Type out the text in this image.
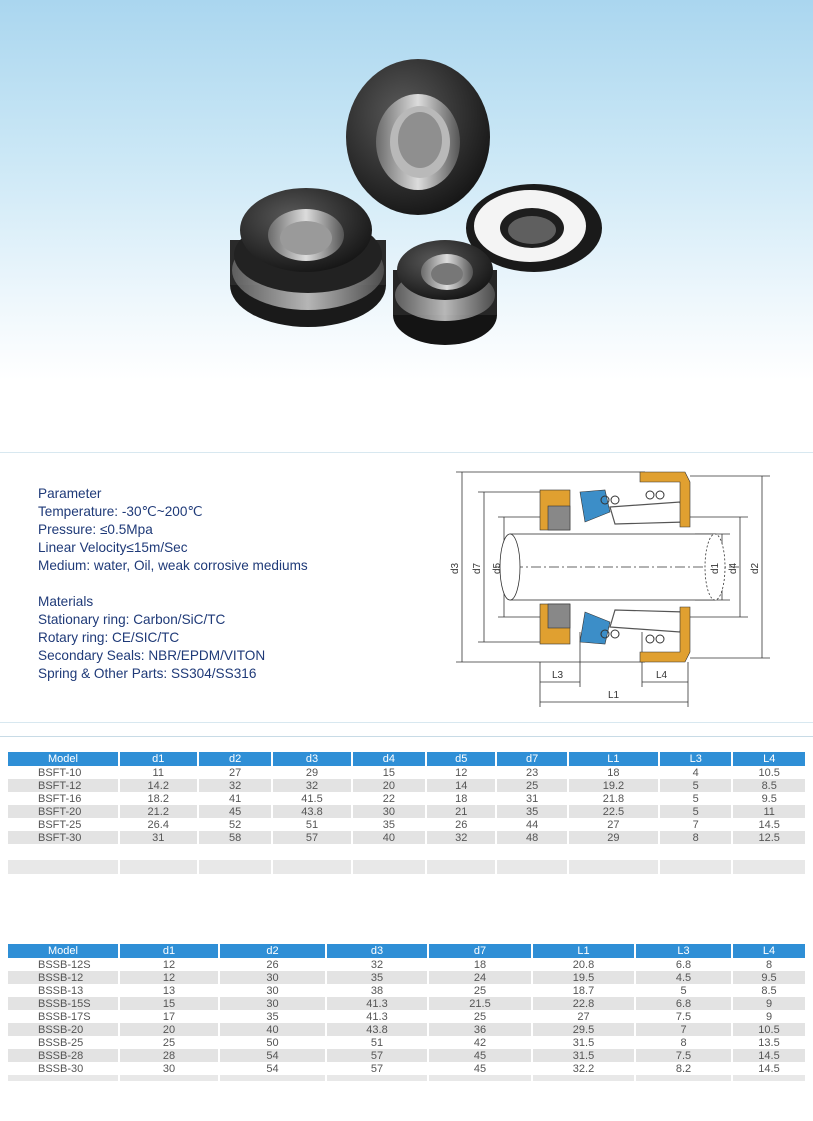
Parameter
Temperature: -30℃~200℃
Pressure: ≤0.5Mpa
Linear Velocity≤15m/Sec
Medium: water, Oil, weak corrosive mediums
Materials
Stationary ring: Carbon/SiC/TC
Rotary ring: CE/SIC/TC
Secondary Seals: NBR/EPDM/VITON
Spring & Other Parts: SS304/SS316
d3 d7 d5	d1 d4 d2
L3	L4
L1
Model	d1	d2	d3	d4	d5	d7	L1	L3	L4
BSFT-10	11	27	29	15	12	23	18	4	10.5
BSFT-12	14.2	32	32	20	14	25	19.2	5	8.5
BSFT-16	18.2	41	41.5	22	18	31	21.8	5	9.5
BSFT-20	21.2	45	43.8	30	21	35	22.5	5	11
BSFT-25	26.4	52	51	35	26	44	27	7	14.5
BSFT-30	31	58	57	40	32	48	29	8	12.5

Model	d1	d2	d3	d7	L1	L3	L4
BSSB-12S	12	26	32	18	20.8	6.8	8
BSSB-12	12	30	35	24	19.5	4.5	9.5
BSSB-13	13	30	38	25	18.7	5	8.5
BSSB-15S	15	30	41.3	21.5	22.8	6.8	9
BSSB-17S	17	35	41.3	25	27	7.5	9
BSSB-20	20	40	43.8	36	29.5	7	10.5
BSSB-25	25	50	51	42	31.5	8	13.5
BSSB-28	28	54	57	45	31.5	7.5	14.5
BSSB-30	30	54	57	45	32.2	8.2	14.5
